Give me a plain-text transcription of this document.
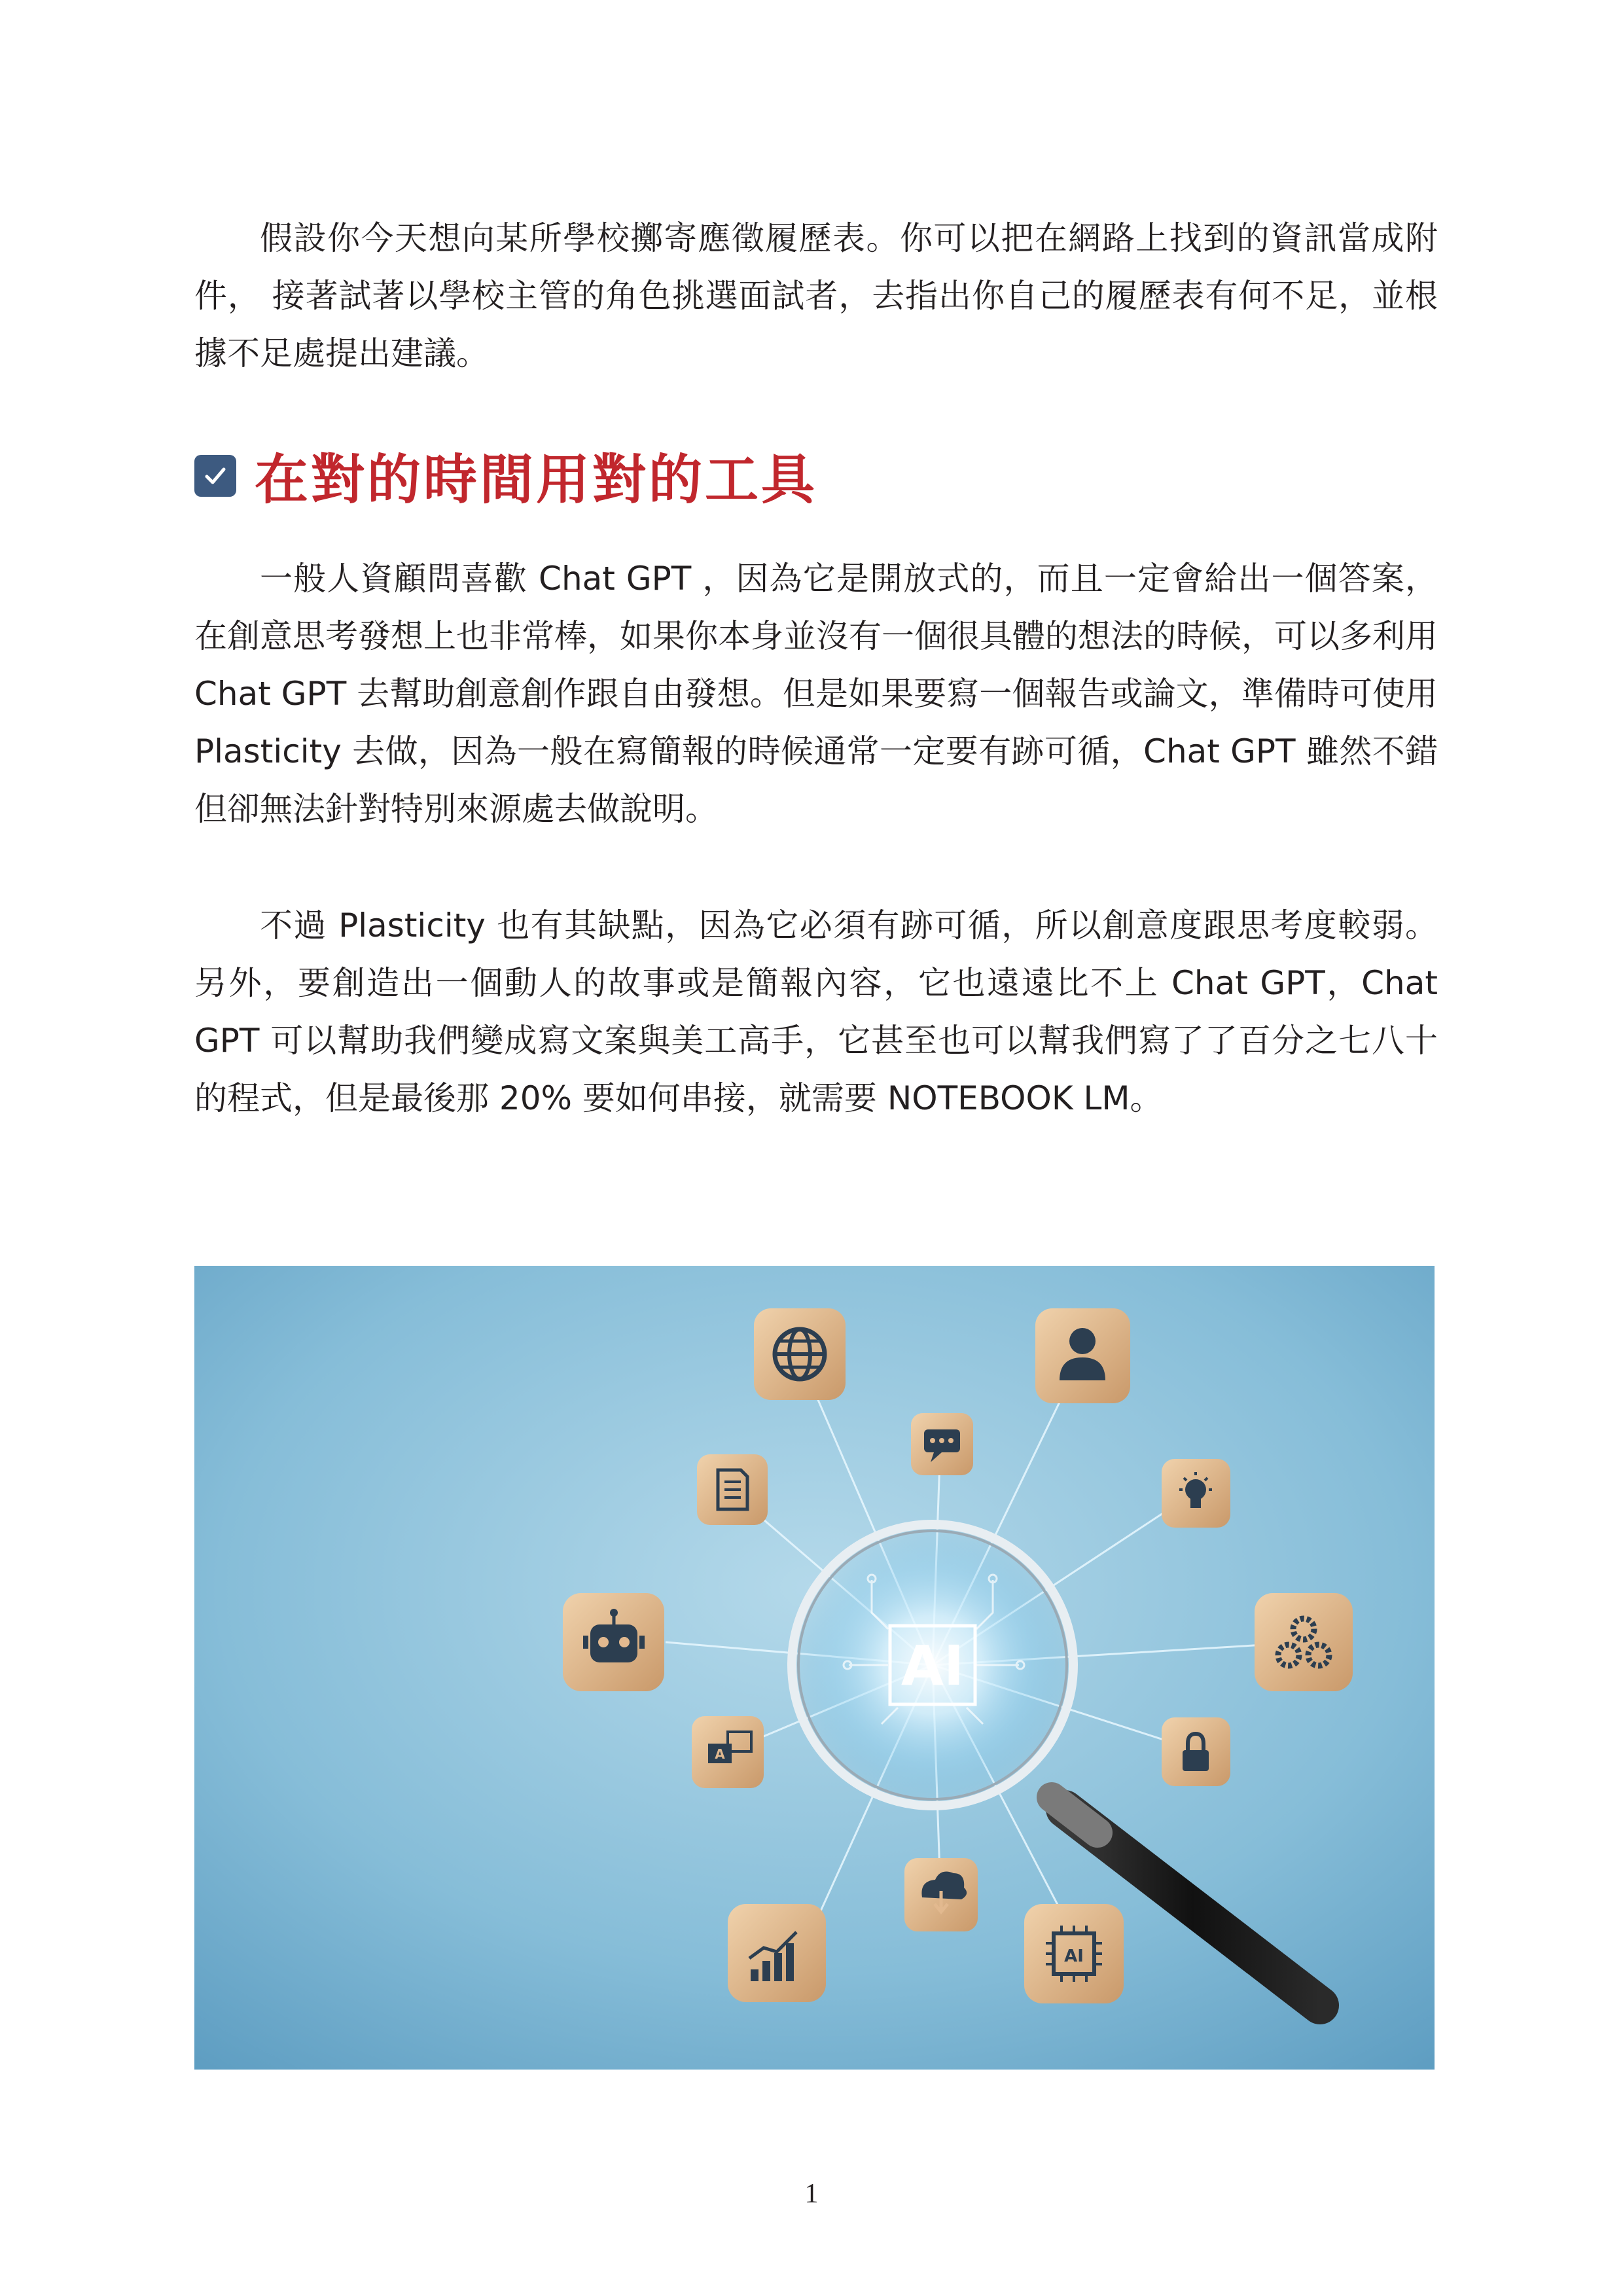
假設你今天想向某所學校擲寄應徵履歷表。你可以把在網路上找到的資訊當成附件， 接著試著以學校主管的角色挑選面試者，去指出你自己的履歷表有何不足，並根據不足處提出建議。

在對的時間用對的工具

一般人資顧問喜歡 Chat GPT ，因為它是開放式的，而且一定會給出一個答案，在創意思考發想上也非常棒，如果你本身並沒有一個很具體的想法的時候，可以多利用 Chat GPT 去幫助創意創作跟自由發想。但是如果要寫一個報告或論文，準備時可使用 Plasticity 去做，因為一般在寫簡報的時候通常一定要有跡可循，Chat GPT 雖然不錯但卻無法針對特別來源處去做說明。

不過 Plasticity 也有其缺點，因為它必須有跡可循，所以創意度跟思考度較弱。另外，要創造出一個動人的故事或是簡報內容，它也遠遠比不上 Chat GPT，Chat GPT 可以幫助我們變成寫文案與美工高手，它甚至也可以幫我們寫了了百分之七八十的程式，但是最後那 20% 要如何串接，就需要 NOTEBOOK LM。

AI
A
AI
1
